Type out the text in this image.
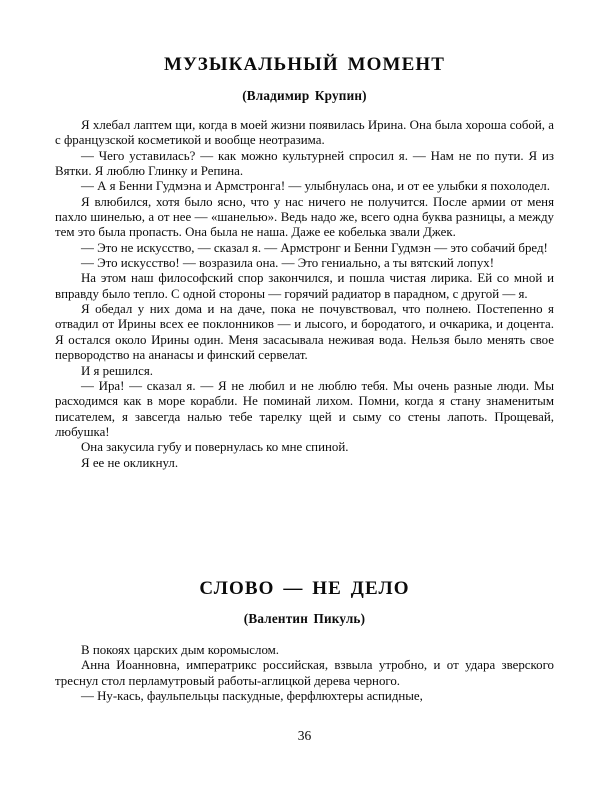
МУЗЫКАЛЬНЫЙ МОМЕНТ
(Владимир Крупин)

Я хлебал лаптем щи, когда в моей жизни появилась Ирина. Она была хороша собой, а с французской косметикой и вообще неотразима.

— Чего уставилась? — как можно культурней спросил я. — Нам не по пути. Я из Вятки. Я люблю Глинку и Репина.

— А я Бенни Гудмэна и Армстронга! — улыбнулась она, и от ее улыбки я похолодел.

Я влюбился, хотя было ясно, что у нас ничего не получится. После армии от меня пахло шинелью, а от нее — «шанелью». Ведь надо же, всего одна буква разницы, а между тем это была пропасть. Она была не наша. Даже ее кобелька звали Джек.

— Это не искусство, — сказал я. — Армстронг и Бенни Гудмэн — это собачий бред!

— Это искусство! — возразила она. — Это гениально, а ты вятский лопух!

На этом наш философский спор закончился, и пошла чистая лирика. Ей со мной и вправду было тепло. С одной стороны — горячий радиатор в парадном, с другой — я.

Я обедал у них дома и на даче, пока не почувствовал, что полнею. Постепенно я отвадил от Ирины всех ее поклонников — и лысого, и бородатого, и очкарика, и доцента. Я остался около Ирины один. Меня засасывала неживая вода. Нельзя было менять свое первородство на ананасы и финский сервелат.

И я решился.

— Ира! — сказал я. — Я не любил и не люблю тебя. Мы очень разные люди. Мы расходимся как в море корабли. Не поминай лихом. Помни, когда я стану знаменитым писателем, я завсегда налью тебе тарелку щей и сыму со стены лапоть. Прощевай, любушка!

Она закусила губу и повернулась ко мне спиной.

Я ее не окликнул.

СЛОВО — НЕ ДЕЛО
(Валентин Пикуль)

В покоях царских дым коромыслом.

Анна Иоанновна, императрикс российская, взвыла утробно, и от удара зверского треснул стол перламутровый работы-аглицкой дерева черного.

— Ну-кась, фаульпельцы паскудные, ферфлюхтеры аспидные,

36
